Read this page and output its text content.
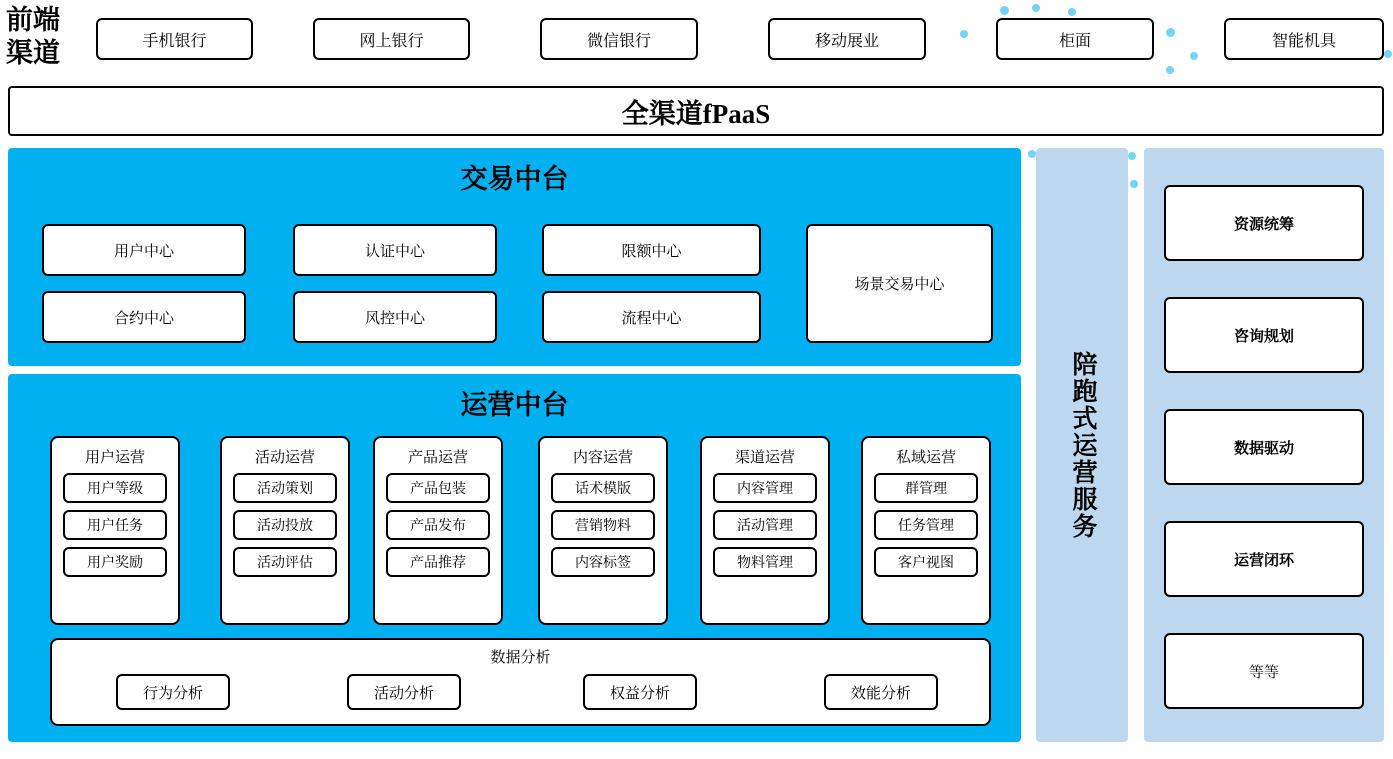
前端
渠道	手机银行	网上银行	微信银行	移动展业	柜面	智能机具
全渠道fPaaS
交易中台
用户中心	认证中心	限额中心
合约中心	风控中心	流程中心
场景交易中心
运营中台
用户运营
用户等级
用户任务
用户奖励
活动运营
活动策划
活动投放
活动评估
产品运营
产品包装
产品发布
产品推荐
内容运营
话术模版
营销物料
内容标签
渠道运营
内容管理
活动管理
物料管理
私域运营
群管理
任务管理
客户视图
数据分析
行为分析	活动分析	权益分析	效能分析
陪跑式运营服务
资源统筹
咨询规划
数据驱动
运营闭环
等等
